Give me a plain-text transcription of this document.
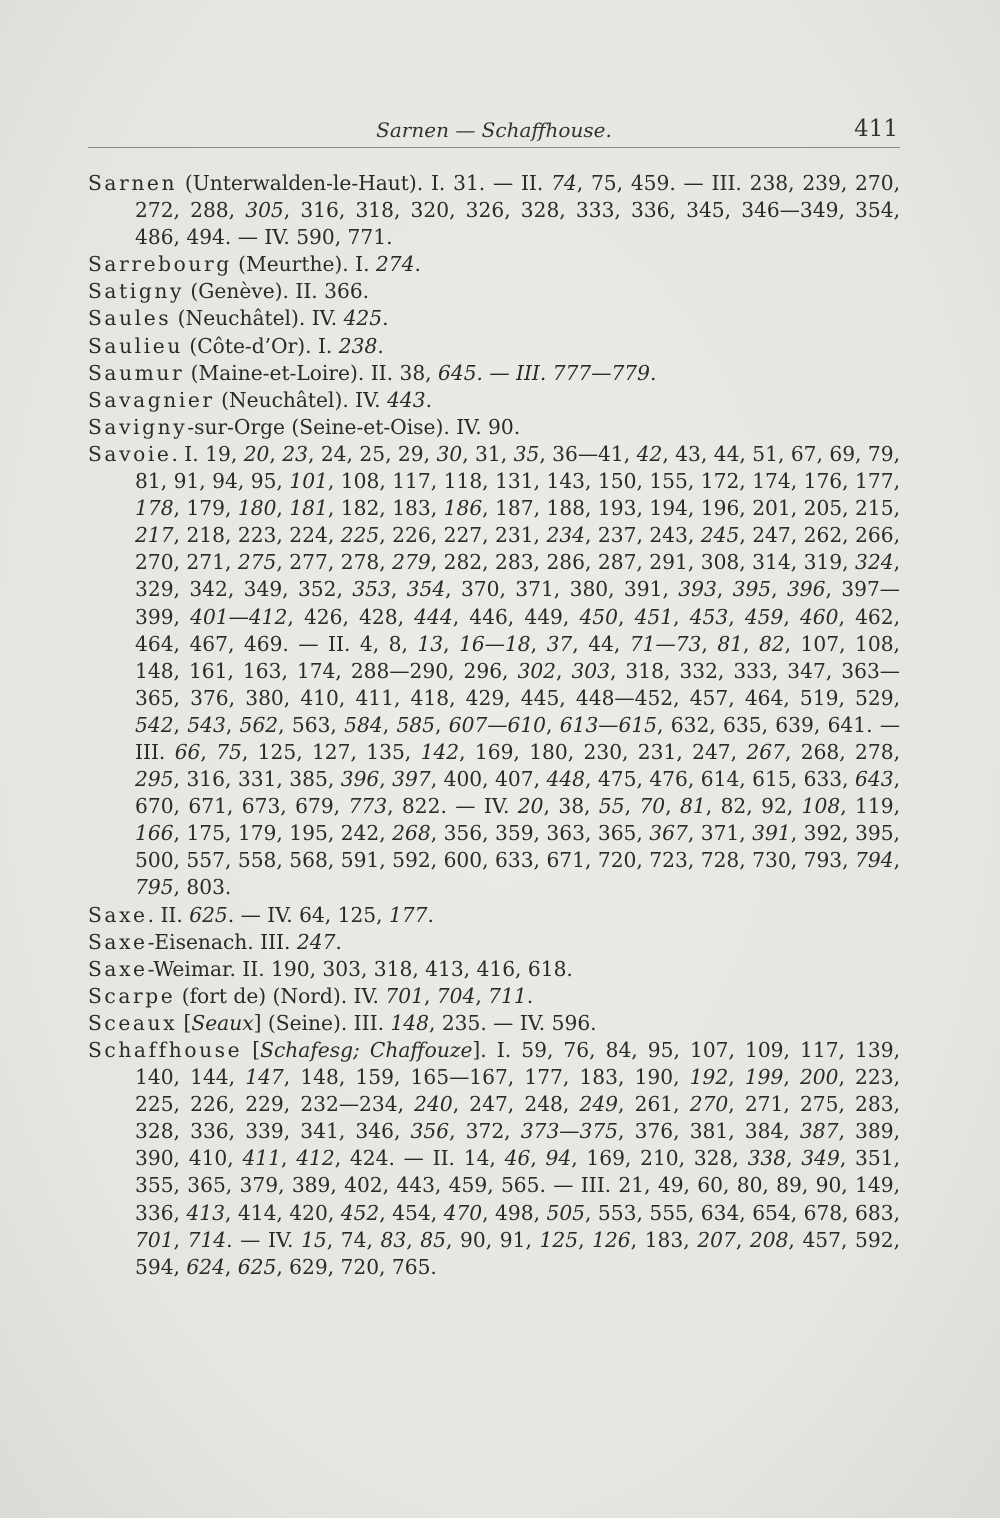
Sarnen — Schaffhouse.	411

Sarnen (Unterwalden-le-Haut). I. 31. — II. 74, 75, 459. — III. 238, 239, 270, 272, 288, 305, 316, 318, 320, 326, 328, 333, 336, 345, 346—349, 354, 486, 494. — IV. 590, 771.

Sarrebourg (Meurthe). I. 274.

Satigny (Genève). II. 366.

Saules (Neuchâtel). IV. 425.

Saulieu (Côte-d’Or). I. 238.

Saumur (Maine-et-Loire). II. 38, 645. — III. 777—779.

Savagnier (Neuchâtel). IV. 443.

Savigny-sur-Orge (Seine-et-Oise). IV. 90.

Savoie. I. 19, 20, 23, 24, 25, 29, 30, 31, 35, 36—41, 42, 43, 44, 51, 67, 69, 79, 81, 91, 94, 95, 101, 108, 117, 118, 131, 143, 150, 155, 172, 174, 176, 177, 178, 179, 180, 181, 182, 183, 186, 187, 188, 193, 194, 196, 201, 205, 215, 217, 218, 223, 224, 225, 226, 227, 231, 234, 237, 243, 245, 247, 262, 266, 270, 271, 275, 277, 278, 279, 282, 283, 286, 287, 291, 308, 314, 319, 324, 329, 342, 349, 352, 353, 354, 370, 371, 380, 391, 393, 395, 396, 397—399, 401—412, 426, 428, 444, 446, 449, 450, 451, 453, 459, 460, 462, 464, 467, 469. — II. 4, 8, 13, 16—18, 37, 44, 71—73, 81, 82, 107, 108, 148, 161, 163, 174, 288—290, 296, 302, 303, 318, 332, 333, 347, 363—365, 376, 380, 410, 411, 418, 429, 445, 448—452, 457, 464, 519, 529, 542, 543, 562, 563, 584, 585, 607—610, 613—615, 632, 635, 639, 641. — III. 66, 75, 125, 127, 135, 142, 169, 180, 230, 231, 247, 267, 268, 278, 295, 316, 331, 385, 396, 397, 400, 407, 448, 475, 476, 614, 615, 633, 643, 670, 671, 673, 679, 773, 822. — IV. 20, 38, 55, 70, 81, 82, 92, 108, 119, 166, 175, 179, 195, 242, 268, 356, 359, 363, 365, 367, 371, 391, 392, 395, 500, 557, 558, 568, 591, 592, 600, 633, 671, 720, 723, 728, 730, 793, 794, 795, 803.

Saxe. II. 625. — IV. 64, 125, 177.

Saxe-Eisenach. III. 247.

Saxe-Weimar. II. 190, 303, 318, 413, 416, 618.

Scarpe (fort de) (Nord). IV. 701, 704, 711.

Sceaux [Seaux] (Seine). III. 148, 235. — IV. 596.

Schaffhouse [Schafesg; Chaffouze]. I. 59, 76, 84, 95, 107, 109, 117, 139, 140, 144, 147, 148, 159, 165—167, 177, 183, 190, 192, 199, 200, 223, 225, 226, 229, 232—234, 240, 247, 248, 249, 261, 270, 271, 275, 283, 328, 336, 339, 341, 346, 356, 372, 373—375, 376, 381, 384, 387, 389, 390, 410, 411, 412, 424. — II. 14, 46, 94, 169, 210, 328, 338, 349, 351, 355, 365, 379, 389, 402, 443, 459, 565. — III. 21, 49, 60, 80, 89, 90, 149, 336, 413, 414, 420, 452, 454, 470, 498, 505, 553, 555, 634, 654, 678, 683, 701, 714. — IV. 15, 74, 83, 85, 90, 91, 125, 126, 183, 207, 208, 457, 592, 594, 624, 625, 629, 720, 765.
